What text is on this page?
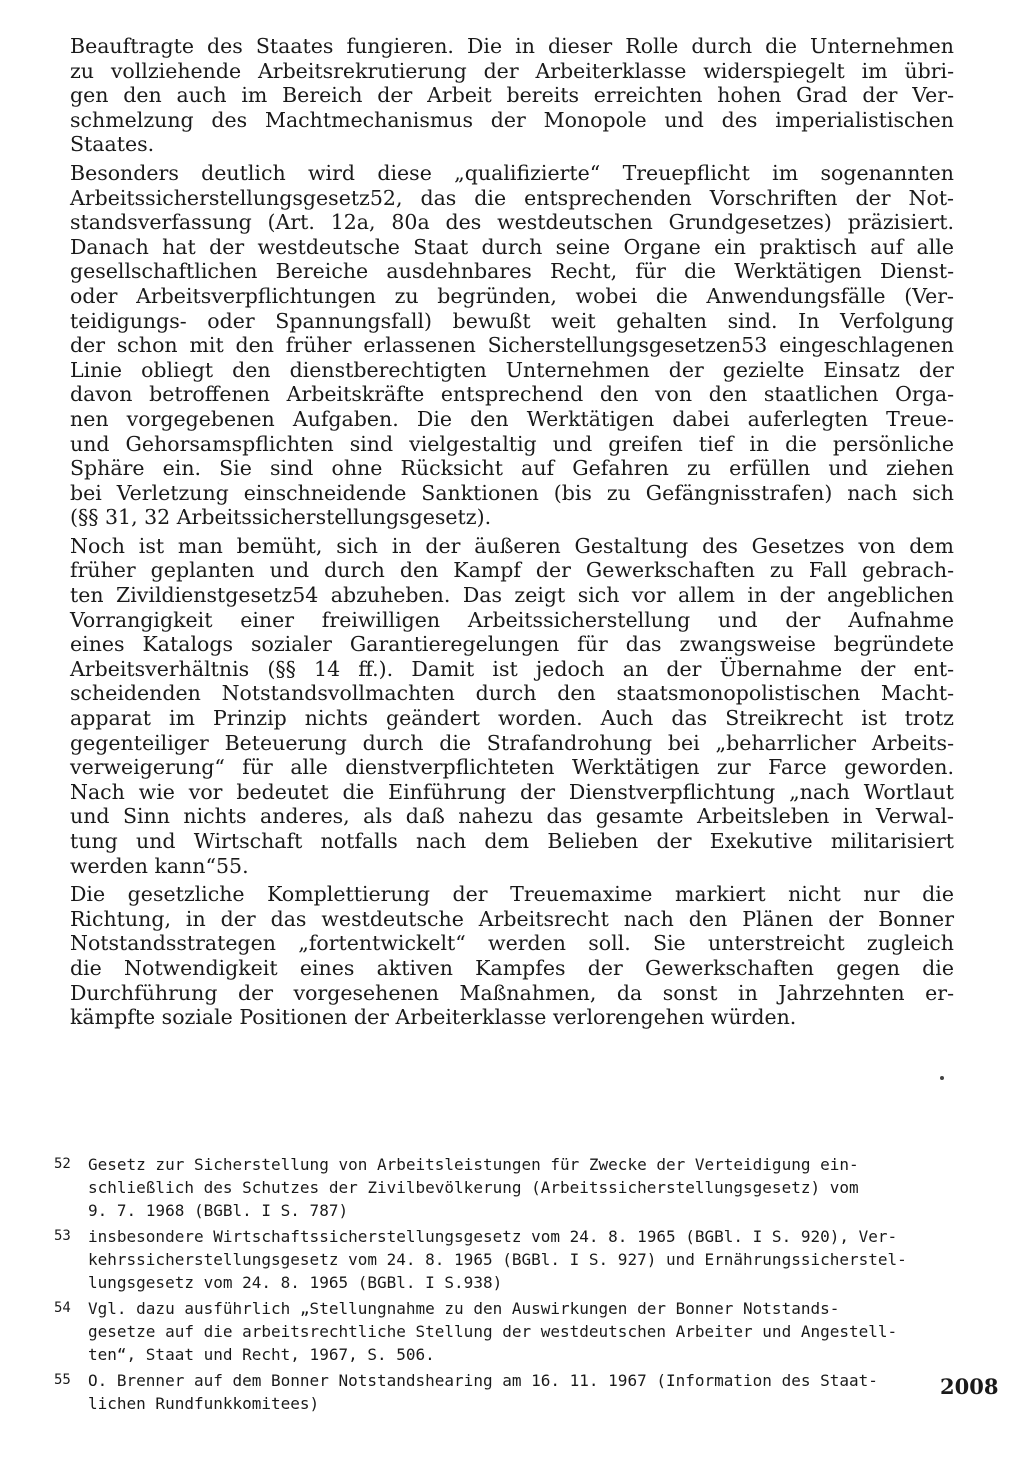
Beauftragte des Staates fungieren. Die in dieser Rolle durch die Unternehmen
zu vollziehende Arbeitsrekrutierung der Arbeiterklasse widerspiegelt im übri-
gen den auch im Bereich der Arbeit bereits erreichten hohen Grad der Ver-
schmelzung des Machtmechanismus der Monopole und des imperialistischen
Staates.
Besonders deutlich wird diese „qualifizierte“ Treuepflicht im sogenannten
Arbeitssicherstellungsgesetz52, das die entsprechenden Vorschriften der Not-
standsverfassung (Art. 12a, 80a des westdeutschen Grundgesetzes) präzisiert.
Danach hat der westdeutsche Staat durch seine Organe ein praktisch auf alle
gesellschaftlichen Bereiche ausdehnbares Recht, für die Werktätigen Dienst-
oder Arbeitsverpflichtungen zu begründen, wobei die Anwendungsfälle (Ver-
teidigungs- oder Spannungsfall) bewußt weit gehalten sind. In Verfolgung
der schon mit den früher erlassenen Sicherstellungsgesetzen53 eingeschlagenen
Linie obliegt den dienstberechtigten Unternehmen der gezielte Einsatz der
davon betroffenen Arbeitskräfte entsprechend den von den staatlichen Orga-
nen vorgegebenen Aufgaben. Die den Werktätigen dabei auferlegten Treue-
und Gehorsamspflichten sind vielgestaltig und greifen tief in die persönliche
Sphäre ein. Sie sind ohne Rücksicht auf Gefahren zu erfüllen und ziehen
bei Verletzung einschneidende Sanktionen (bis zu Gefängnisstrafen) nach sich
(§§ 31, 32 Arbeitssicherstellungsgesetz).
Noch ist man bemüht, sich in der äußeren Gestaltung des Gesetzes von dem
früher geplanten und durch den Kampf der Gewerkschaften zu Fall gebrach-
ten Zivildienstgesetz54 abzuheben. Das zeigt sich vor allem in der angeblichen
Vorrangigkeit einer freiwilligen Arbeitssicherstellung und der Aufnahme
eines Katalogs sozialer Garantieregelungen für das zwangsweise begründete
Arbeitsverhältnis (§§ 14 ff.). Damit ist jedoch an der Übernahme der ent-
scheidenden Notstandsvollmachten durch den staatsmonopolistischen Macht-
apparat im Prinzip nichts geändert worden. Auch das Streikrecht ist trotz
gegenteiliger Beteuerung durch die Strafandrohung bei „beharrlicher Arbeits-
verweigerung“ für alle dienstverpflichteten Werktätigen zur Farce geworden.
Nach wie vor bedeutet die Einführung der Dienstverpflichtung „nach Wortlaut
und Sinn nichts anderes, als daß nahezu das gesamte Arbeitsleben in Verwal-
tung und Wirtschaft notfalls nach dem Belieben der Exekutive militarisiert
werden kann“55.
Die gesetzliche Komplettierung der Treuemaxime markiert nicht nur die
Richtung, in der das westdeutsche Arbeitsrecht nach den Plänen der Bonner
Notstandsstrategen „fortentwickelt“ werden soll. Sie unterstreicht zugleich
die Notwendigkeit eines aktiven Kampfes der Gewerkschaften gegen die
Durchführung der vorgesehenen Maßnahmen, da sonst in Jahrzehnten er-
kämpfte soziale Positionen der Arbeiterklasse verlorengehen würden.
52 Gesetz zur Sicherstellung von Arbeitsleistungen für Zwecke der Verteidigung ein-
schließlich des Schutzes der Zivilbevölkerung (Arbeitssicherstellungsgesetz) vom
9. 7. 1968 (BGBl. I S. 787)
53 insbesondere Wirtschaftssicherstellungsgesetz vom 24. 8. 1965 (BGBl. I S. 920), Ver-
kehrssicherstellungsgesetz vom 24. 8. 1965 (BGBl. I S. 927) und Ernährungssicherstel-
lungsgesetz vom 24. 8. 1965 (BGBl. I S.938)
54 Vgl. dazu ausführlich „Stellungnahme zu den Auswirkungen der Bonner Notstands-
gesetze auf die arbeitsrechtliche Stellung der westdeutschen Arbeiter und Angestell-
ten“, Staat und Recht, 1967, S. 506.
55 O. Brenner auf dem Bonner Notstandshearing am 16. 11. 1967 (Information des Staat-
lichen Rundfunkkomitees)
2008
